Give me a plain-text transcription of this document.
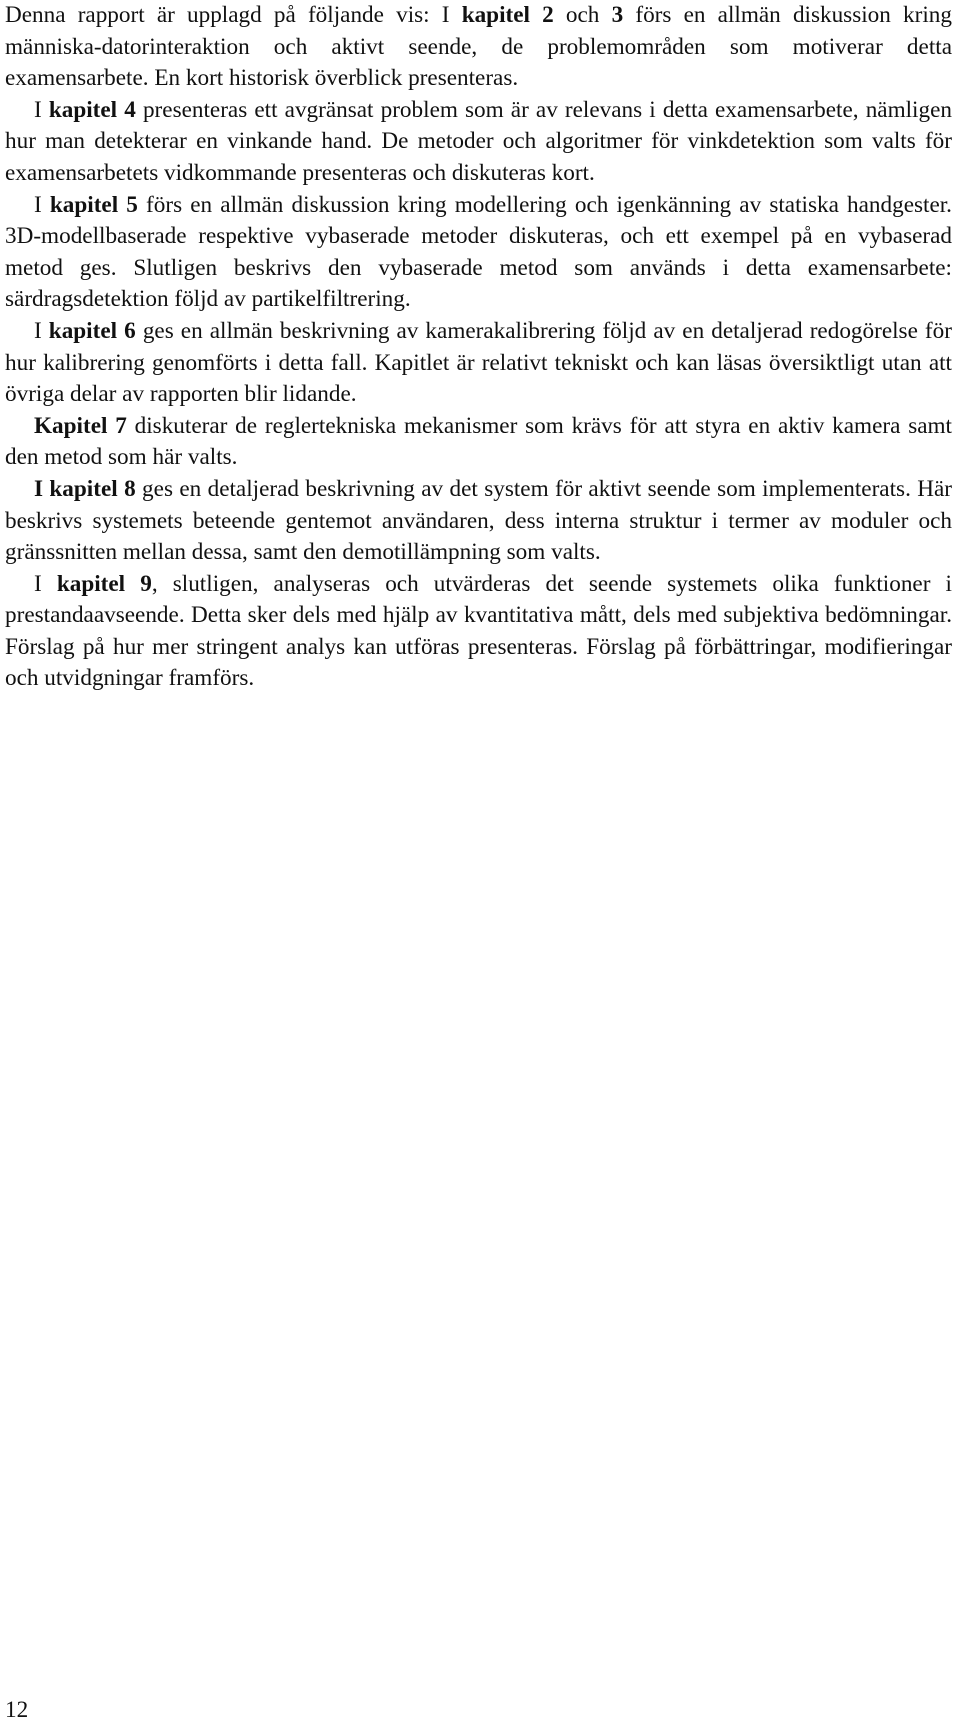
Denna rapport är upplagd på följande vis: I kapitel 2 och 3 förs en allmän diskussion kring människa-datorinteraktion och aktivt seende, de problemområden som motiverar detta examensarbete. En kort historisk överblick presenteras.

I kapitel 4 presenteras ett avgränsat problem som är av relevans i detta examensarbete, nämligen hur man detekterar en vinkande hand. De metoder och algoritmer för vinkdetektion som valts för examensarbetets vidkommande presenteras och diskuteras kort.

I kapitel 5 förs en allmän diskussion kring modellering och igenkänning av statiska handgester. 3D-modellbaserade respektive vybaserade metoder diskuteras, och ett exempel på en vybaserad metod ges. Slutligen beskrivs den vybaserade metod som används i detta examensarbete: särdragsdetektion följd av partikelfiltrering.

I kapitel 6 ges en allmän beskrivning av kamerakalibrering följd av en detaljerad redogörelse för hur kalibrering genomförts i detta fall. Kapitlet är relativt tekniskt och kan läsas översiktligt utan att övriga delar av rapporten blir lidande.

Kapitel 7 diskuterar de reglertekniska mekanismer som krävs för att styra en aktiv kamera samt den metod som här valts.

I kapitel 8 ges en detaljerad beskrivning av det system för aktivt seende som implementerats. Här beskrivs systemets beteende gentemot användaren, dess interna struktur i termer av moduler och gränssnitten mellan dessa, samt den demotillämpning som valts.

I kapitel 9, slutligen, analyseras och utvärderas det seende systemets olika funktioner i prestandaavseende. Detta sker dels med hjälp av kvantitativa mått, dels med subjektiva bedömningar. Förslag på hur mer stringent analys kan utföras presenteras. Förslag på förbättringar, modifieringar och utvidgningar framförs.

12
